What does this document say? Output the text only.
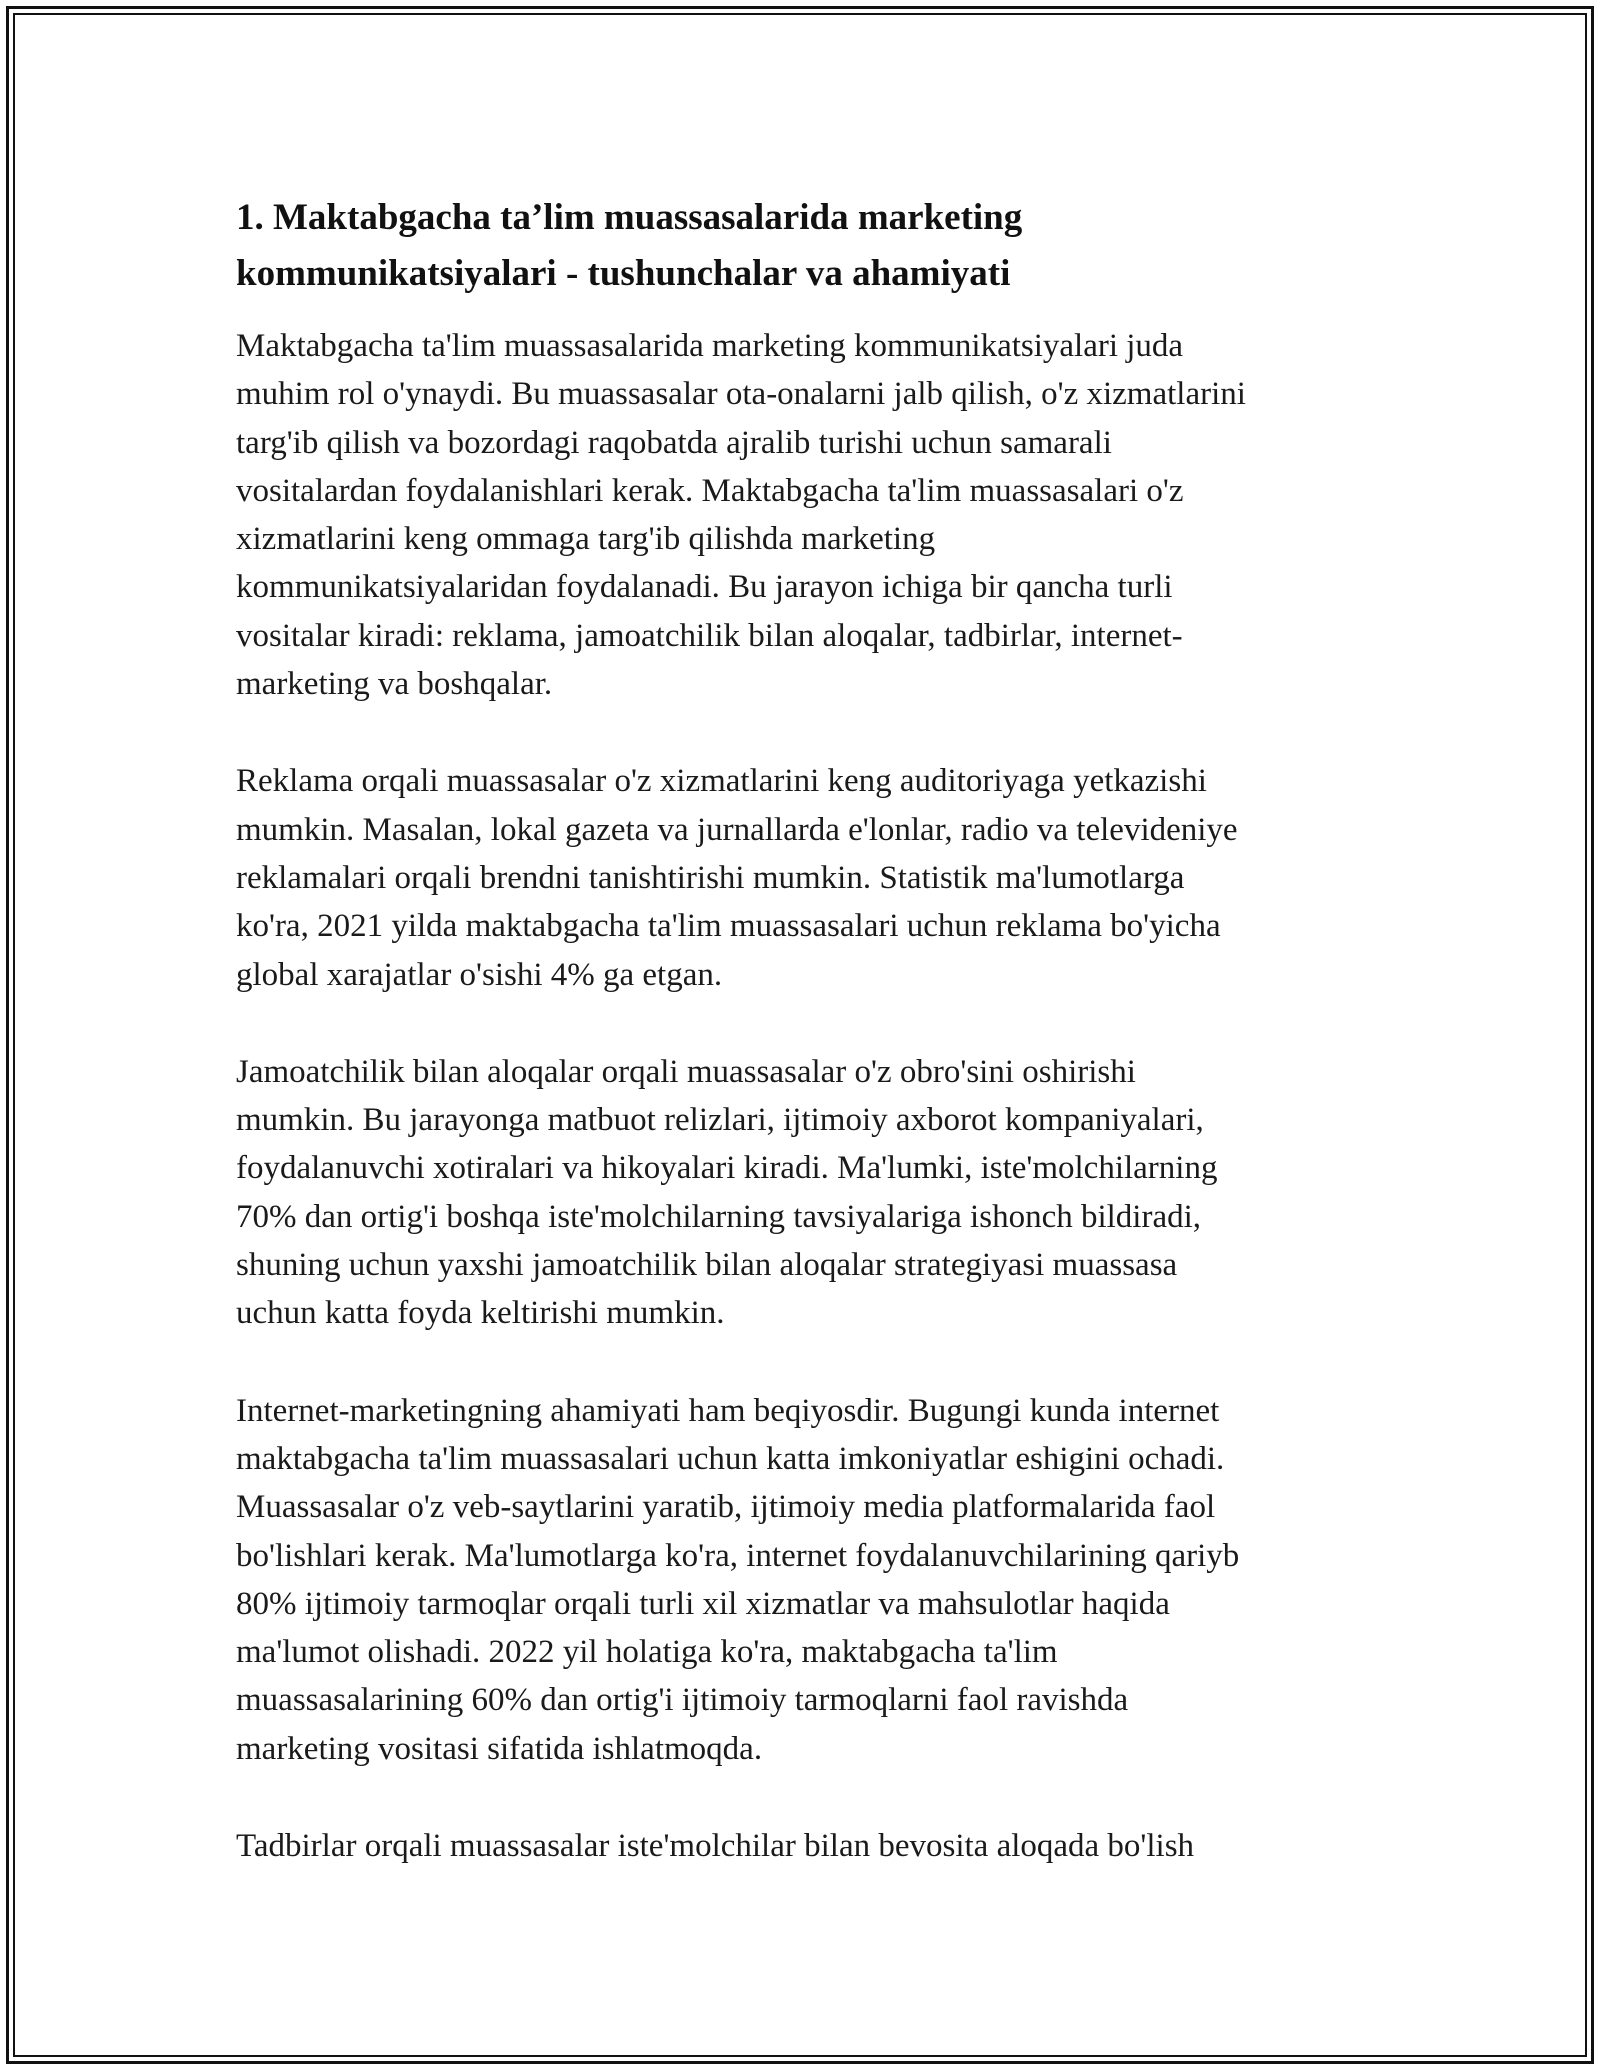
1. Maktabgacha ta’lim muassasalarida marketing
kommunikatsiyalari - tushunchalar va ahamiyati

Maktabgacha ta'lim muassasalarida marketing kommunikatsiyalari juda
muhim rol o'ynaydi. Bu muassasalar ota-onalarni jalb qilish, o'z xizmatlarini
targ'ib qilish va bozordagi raqobatda ajralib turishi uchun samarali
vositalardan foydalanishlari kerak. Maktabgacha ta'lim muassasalari o'z
xizmatlarini keng ommaga targ'ib qilishda marketing
kommunikatsiyalaridan foydalanadi. Bu jarayon ichiga bir qancha turli
vositalar kiradi: reklama, jamoatchilik bilan aloqalar, tadbirlar, internet-
marketing va boshqalar.

Reklama orqali muassasalar o'z xizmatlarini keng auditoriyaga yetkazishi
mumkin. Masalan, lokal gazeta va jurnallarda e'lonlar, radio va televideniye
reklamalari orqali brendni tanishtirishi mumkin. Statistik ma'lumotlarga
ko'ra, 2021 yilda maktabgacha ta'lim muassasalari uchun reklama bo'yicha
global xarajatlar o'sishi 4% ga etgan.

Jamoatchilik bilan aloqalar orqali muassasalar o'z obro'sini oshirishi
mumkin. Bu jarayonga matbuot relizlari, ijtimoiy axborot kompaniyalari,
foydalanuvchi xotiralari va hikoyalari kiradi. Ma'lumki, iste'molchilarning
70% dan ortig'i boshqa iste'molchilarning tavsiyalariga ishonch bildiradi,
shuning uchun yaxshi jamoatchilik bilan aloqalar strategiyasi muassasa
uchun katta foyda keltirishi mumkin.

Internet-marketingning ahamiyati ham beqiyosdir. Bugungi kunda internet
maktabgacha ta'lim muassasalari uchun katta imkoniyatlar eshigini ochadi.
Muassasalar o'z veb-saytlarini yaratib, ijtimoiy media platformalarida faol
bo'lishlari kerak. Ma'lumotlarga ko'ra, internet foydalanuvchilarining qariyb
80% ijtimoiy tarmoqlar orqali turli xil xizmatlar va mahsulotlar haqida
ma'lumot olishadi. 2022 yil holatiga ko'ra, maktabgacha ta'lim
muassasalarining 60% dan ortig'i ijtimoiy tarmoqlarni faol ravishda
marketing vositasi sifatida ishlatmoqda.

Tadbirlar orqali muassasalar iste'molchilar bilan bevosita aloqada bo'lish
